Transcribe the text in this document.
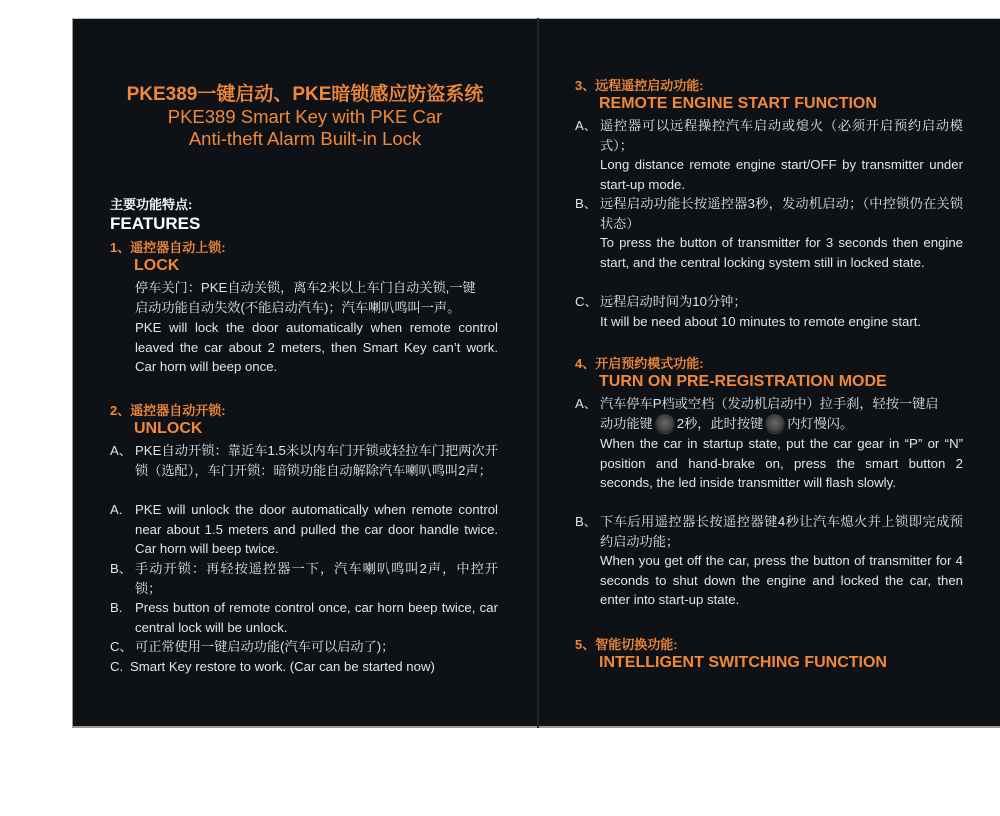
PKE389一键启动、PKE暗锁感应防盗系统
PKE389 Smart Key with PKE Car
Anti-theft Alarm Built-in Lock
主要功能特点:
FEATURES
1、遥控器自动上锁:
LOCK
停车关门：PKE自动关锁，离车2米以上车门自动关锁,一键
启动功能自动失效(不能启动汽车)；汽车喇叭鸣叫一声。
PKE will lock the door automatically when remote control leaved the car about 2 meters, then Smart Key can’t work. Car horn will beep once.
2、遥控器自动开锁:
UNLOCK
A、 PKE自动开锁：靠近车1.5米以内车门开锁或轻拉车门把两次开锁（选配），车门开锁：暗锁功能自动解除汽车喇叭鸣叫2声；
A. PKE will unlock the door automatically when remote control near about 1.5 meters and pulled the car door handle twice. Car horn will beep twice.
B、 手动开锁：再轻按遥控器一下，汽车喇叭鸣叫2声，中控开锁；
B. Press button of remote control once, car horn beep twice, car central lock will be unlock.
C、 可正常使用一键启动功能(汽车可以启动了)；
C. Smart Key restore to work. (Car can be started now)
3、远程遥控启动功能:
REMOTE ENGINE START FUNCTION
A、 遥控器可以远程操控汽车启动或熄火（必须开启预约启动模式）；
Long distance remote engine start/OFF by transmitter under start-up mode.
B、 远程启动功能长按遥控器3秒，发动机启动；（中控锁仍在关锁状态）
To press the button of transmitter for 3 seconds then engine start, and the central locking system still in locked state.
C、 远程启动时间为10分钟；
It will be need about 10 minutes to remote engine start.
4、开启预约模式功能:
TURN ON PRE-REGISTRATION MODE
A、 汽车停车P档或空档（发动机启动中）拉手刹，轻按一键启
动功能键 2秒，此时按键 内灯慢闪。
When the car in startup state, put the car gear in “P” or “N” position and hand-brake on, press the smart button 2 seconds, the led inside transmitter will flash slowly.
B、 下车后用遥控器长按遥控器键4秒让汽车熄火并上锁即完成预约启动功能；
When you get off the car, press the button of transmitter for 4 seconds to shut down the engine and locked the car, then enter into start-up state.
5、智能切换功能:
INTELLIGENT SWITCHING FUNCTION
